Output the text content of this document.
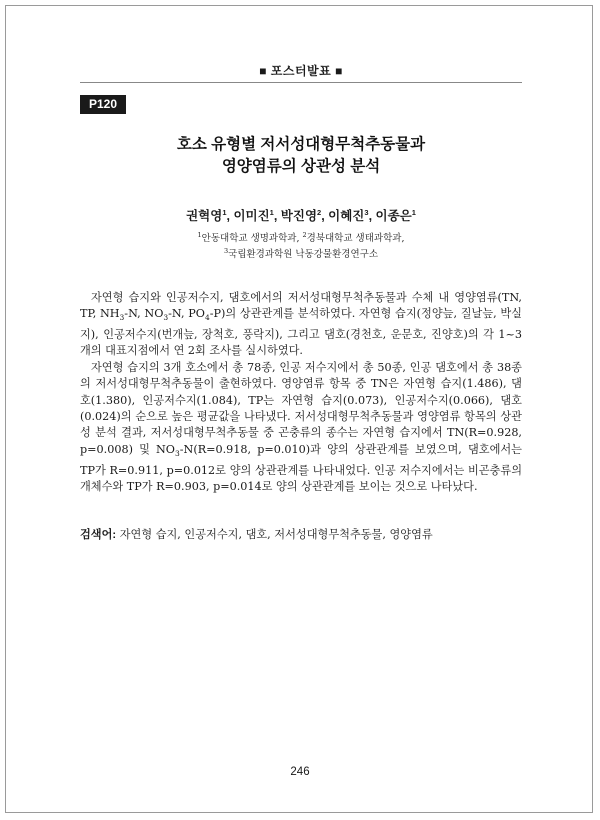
■ 포스터발표 ■
P120
호소 유형별 저서성대형무척추동물과
영양염류의 상관성 분석
권혁영$^1$, 이미진$^1$, 박진영$^2$, 이혜진$^3$, 이종은$^1$
$^1$안동대학교 생명과학과, $^2$경북대학교 생태과학과,
$^3$국립환경과학원 낙동강물환경연구소

자연형 습지와 인공저수지, 댐호에서의 저서성대형무척추동물과 수체 내 영양염류(TN, TP, $NH_3-N$, $NO_3-N$, $PO_4-P$)의 상관관계를 분석하였다. 자연형 습지(정양늪, 질날늪, 박실지), 인공저수지(번개늪, 장척호, 풍락지), 그리고 댐호(경천호, 운문호, 진양호)의 각 1~3개의 대표지점에서 연 2회 조사를 실시하였다.

자연형 습지의 3개 호소에서 총 78종, 인공 저수지에서 총 50종, 인공 댐호에서 총 38종의 저서성대형무척추동물이 출현하였다. 영양염류 항목 중 TN은 자연형 습지(1.486), 댐호(1.380), 인공저수지(1.084), TP는 자연형 습지(0.073), 인공저수지(0.066), 댐호(0.024)의 순으로 높은 평균값을 나타냈다. 저서성대형무척추동물과 영양염류 항목의 상관성 분석 결과, 저서성대형무척추동물 중 곤충류의 종수는 자연형 습지에서 TN(R=0.928, p=0.008) 및 $NO_3-N(R=0.918$, p=0.010)과 양의 상관관계를 보였으며, 댐호에서는 TP가 R=0.911, p=0.012로 양의 상관관계를 나타내었다. 인공 저수지에서는 비곤충류의 개체수와 TP가 R=0.903, p=0.014로 양의 상관관계를 보이는 것으로 나타났다.

검색어: 자연형 습지, 인공저수지, 댐호, 저서성대형무척추동물, 영양염류
246
